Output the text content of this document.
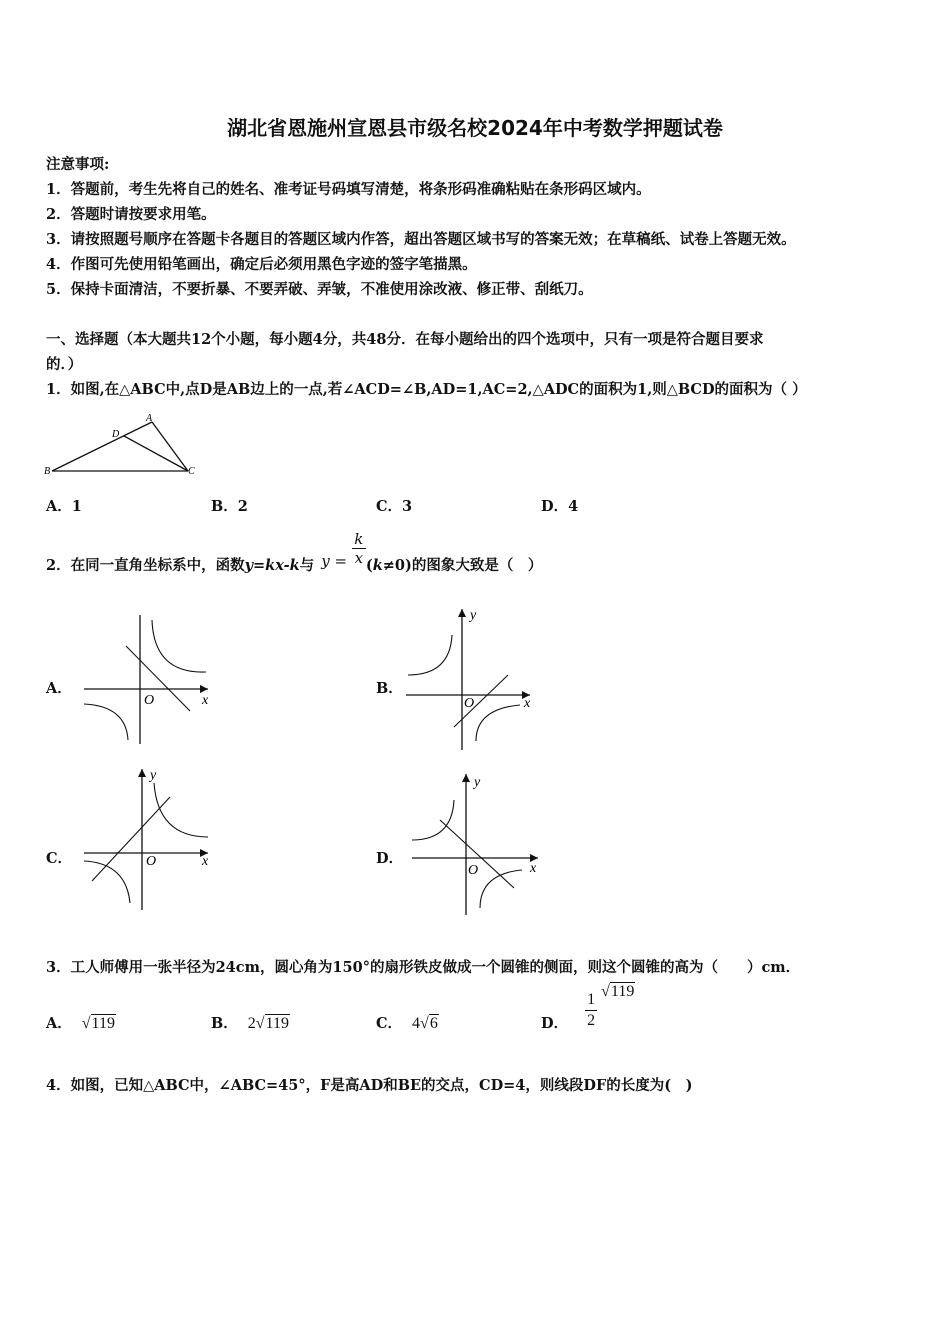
湖北省恩施州宣恩县市级名校2024年中考数学押题试卷
注意事项:
1．答题前，考生先将自己的姓名、准考证号码填写清楚，将条形码准确粘贴在条形码区域内。
2．答题时请按要求用笔。
3．请按照题号顺序在答题卡各题目的答题区域内作答，超出答题区域书写的答案无效；在草稿纸、试卷上答题无效。
4．作图可先使用铅笔画出，确定后必须用黑色字迹的签字笔描黑。
5．保持卡面清洁，不要折暴、不要弄破、弄皱，不准使用涂改液、修正带、刮纸刀。
一、选择题（本大题共12个小题，每小题4分，共48分．在每小题给出的四个选项中，只有一项是符合题目要求
的．）
1．如图,在△ABC中,点D是AB边上的一点,若∠ACD=∠B,AD=1,AC=2,△ADC的面积为1,则△BCD的面积为（ ）
A
D
B	C
A．1	B．2	C．3	D．4
2．在同一直角坐标系中，函数y=kx-k与 $y = \frac{k}{x} (k\ne 0)$的图象大致是（　）
A．	B．
C．	D．
O	x
y
O	x
y
O	x
y
O	x
3．工人师傅用一张半径为24cm，圆心角为150°的扇形铁皮做成一个圆锥的侧面，则这个圆锥的高为（　　）cm．
A． √119	B． 2√119	C． 4√6	D． $\frac{1}{2} √119$
4．如图，已知△ABC中，∠ABC=45°，F是高AD和BE的交点，CD=4，则线段DF的长度为(　)
